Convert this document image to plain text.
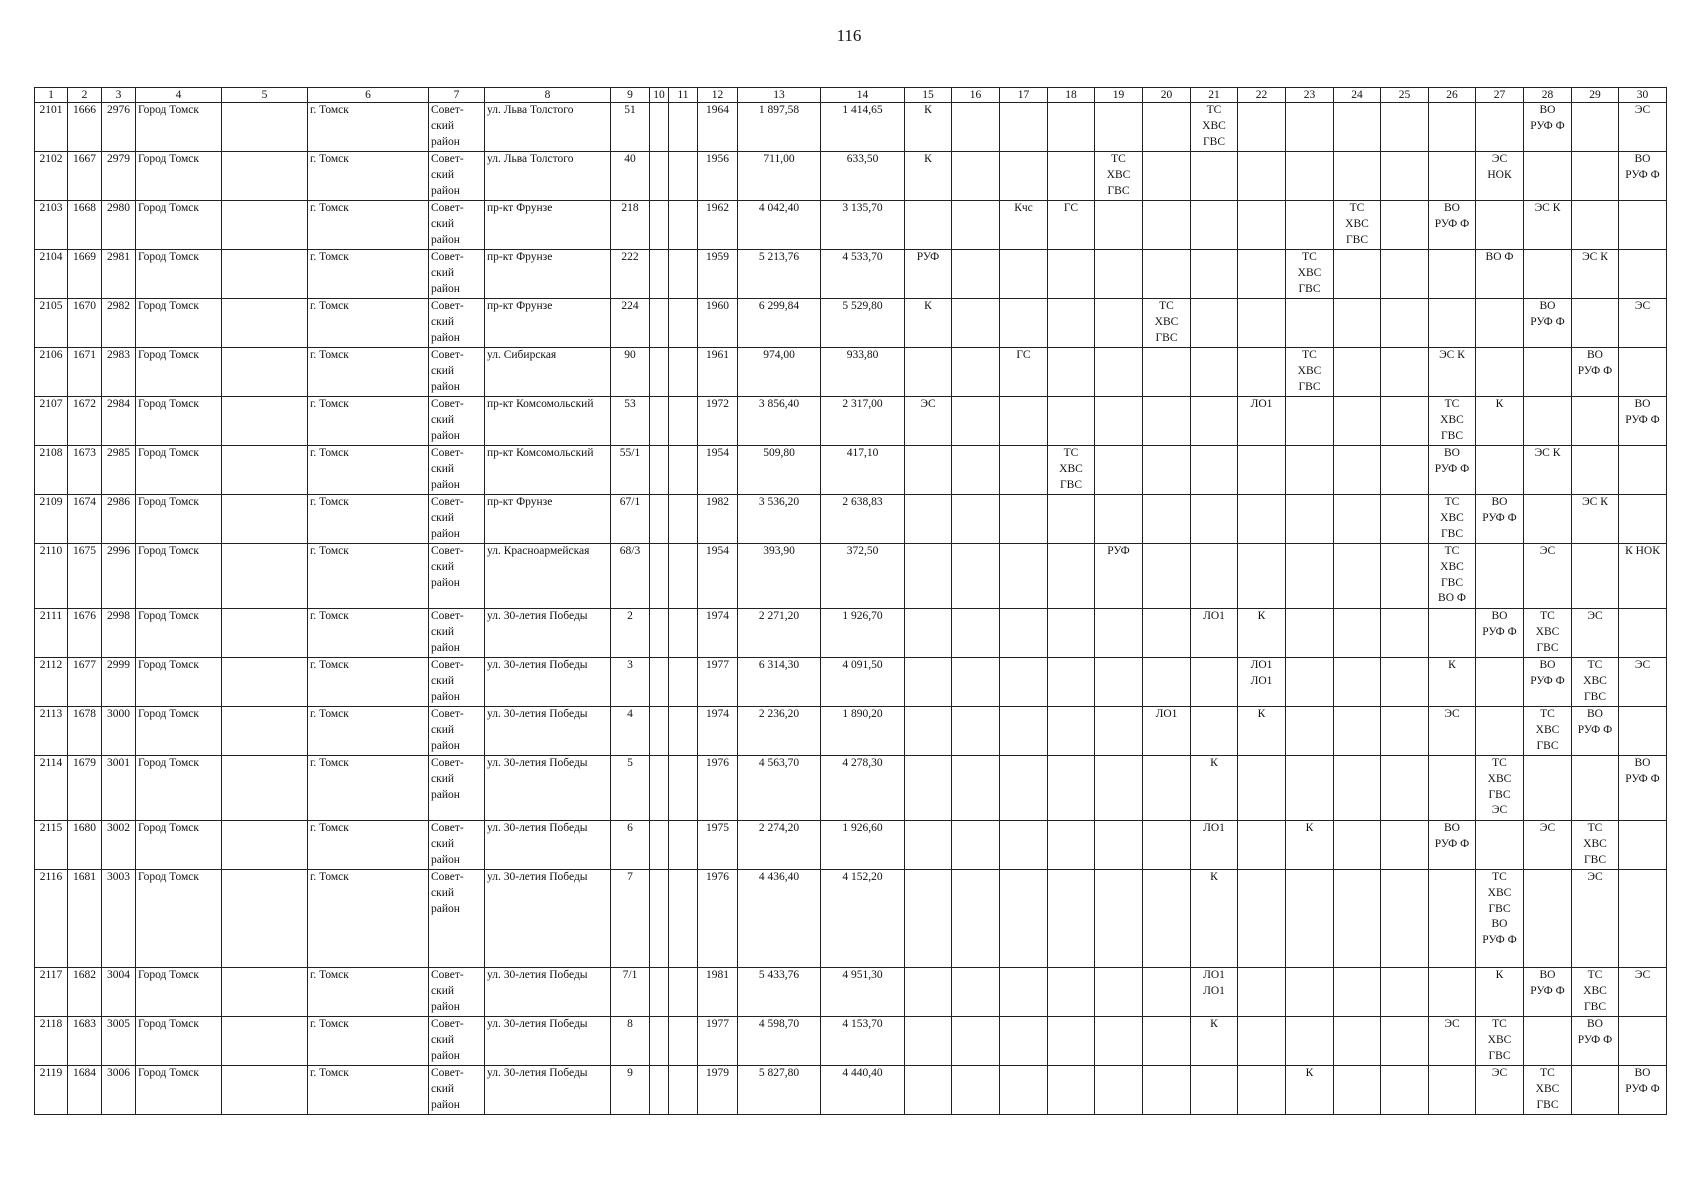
116
1	2	3	4	5	6	7	8	9	10	11	12	13	14	15	16	17	18	19	20	21	22	23	24	25	26	27	28	29	30
2101	1666	2976	Город Томск		г. Томск	Совет-
ский
район	ул. Льва Толстого	51			1964	1 897,58	1 414,65	К						ТС
ХВС
ГВС							ВО
РУФ Ф		ЭС
2102	1667	2979	Город Томск		г. Томск	Совет-
ский
район	ул. Льва Толстого	40			1956	711,00	633,50	К				ТС
ХВС
ГВС								ЭС
НОК			ВО
РУФ Ф
2103	1668	2980	Город Томск		г. Томск	Совет-
ский
район	пр-кт Фрунзе	218			1962	4 042,40	3 135,70			Кчс	ГС						ТС
ХВС
ГВС		ВО
РУФ Ф		ЭС К		
2104	1669	2981	Город Томск		г. Томск	Совет-
ский
район	пр-кт Фрунзе	222			1959	5 213,76	4 533,70	РУФ								ТС
ХВС
ГВС				ВО Ф		ЭС К	
2105	1670	2982	Город Томск		г. Томск	Совет-
ский
район	пр-кт Фрунзе	224			1960	6 299,84	5 529,80	К					ТС
ХВС
ГВС								ВО
РУФ Ф		ЭС
2106	1671	2983	Город Томск		г. Томск	Совет-
ский
район	ул. Сибирская	90			1961	974,00	933,80			ГС						ТС
ХВС
ГВС			ЭС К			ВО
РУФ Ф	
2107	1672	2984	Город Томск		г. Томск	Совет-
ский
район	пр-кт Комсомольский	53			1972	3 856,40	2 317,00	ЭС							ЛО1				ТС
ХВС
ГВС	К			ВО
РУФ Ф
2108	1673	2985	Город Томск		г. Томск	Совет-
ский
район	пр-кт Комсомольский	55/1			1954	509,80	417,10				ТС
ХВС
ГВС								ВО
РУФ Ф		ЭС К		
2109	1674	2986	Город Томск		г. Томск	Совет-
ский
район	пр-кт Фрунзе	67/1			1982	3 536,20	2 638,83												ТС
ХВС
ГВС	ВО
РУФ Ф		ЭС К	
2110	1675	2996	Город Томск		г. Томск	Совет-
ский
район	ул. Красноармейская	68/3			1954	393,90	372,50					РУФ							ТС
ХВС
ГВС
ВО Ф		ЭС		К НОК
2111	1676	2998	Город Томск		г. Томск	Совет-
ский
район	ул. 30-летия Победы	2			1974	2 271,20	1 926,70							ЛО1	К					ВО
РУФ Ф	ТС
ХВС
ГВС	ЭС	
2112	1677	2999	Город Томск		г. Томск	Совет-
ский
район	ул. 30-летия Победы	3			1977	6 314,30	4 091,50								ЛО1
ЛО1				К		ВО
РУФ Ф	ТС
ХВС
ГВС	ЭС
2113	1678	3000	Город Томск		г. Томск	Совет-
ский
район	ул. 30-летия Победы	4			1974	2 236,20	1 890,20						ЛО1		К				ЭС		ТС
ХВС
ГВС	ВО
РУФ Ф	
2114	1679	3001	Город Томск		г. Томск	Совет-
ский
район	ул. 30-летия Победы	5			1976	4 563,70	4 278,30							К						ТС
ХВС
ГВС
ЭС			ВО
РУФ Ф
2115	1680	3002	Город Томск		г. Томск	Совет-
ский
район	ул. 30-летия Победы	6			1975	2 274,20	1 926,60							ЛО1		К			ВО
РУФ Ф		ЭС	ТС
ХВС
ГВС	
2116	1681	3003	Город Томск		г. Томск	Совет-
ский
район	ул. 30-летия Победы	7			1976	4 436,40	4 152,20							К						ТС
ХВС
ГВС
ВО
РУФ Ф		ЭС	
2117	1682	3004	Город Томск		г. Томск	Совет-
ский
район	ул. 30-летия Победы	7/1			1981	5 433,76	4 951,30							ЛО1
ЛО1						К	ВО
РУФ Ф	ТС
ХВС
ГВС	ЭС
2118	1683	3005	Город Томск		г. Томск	Совет-
ский
район	ул. 30-летия Победы	8			1977	4 598,70	4 153,70							К					ЭС	ТС
ХВС
ГВС		ВО
РУФ Ф	
2119	1684	3006	Город Томск		г. Томск	Совет-
ский
район	ул. 30-летия Победы	9			1979	5 827,80	4 440,40									К				ЭС	ТС
ХВС
ГВС		ВО
РУФ Ф
